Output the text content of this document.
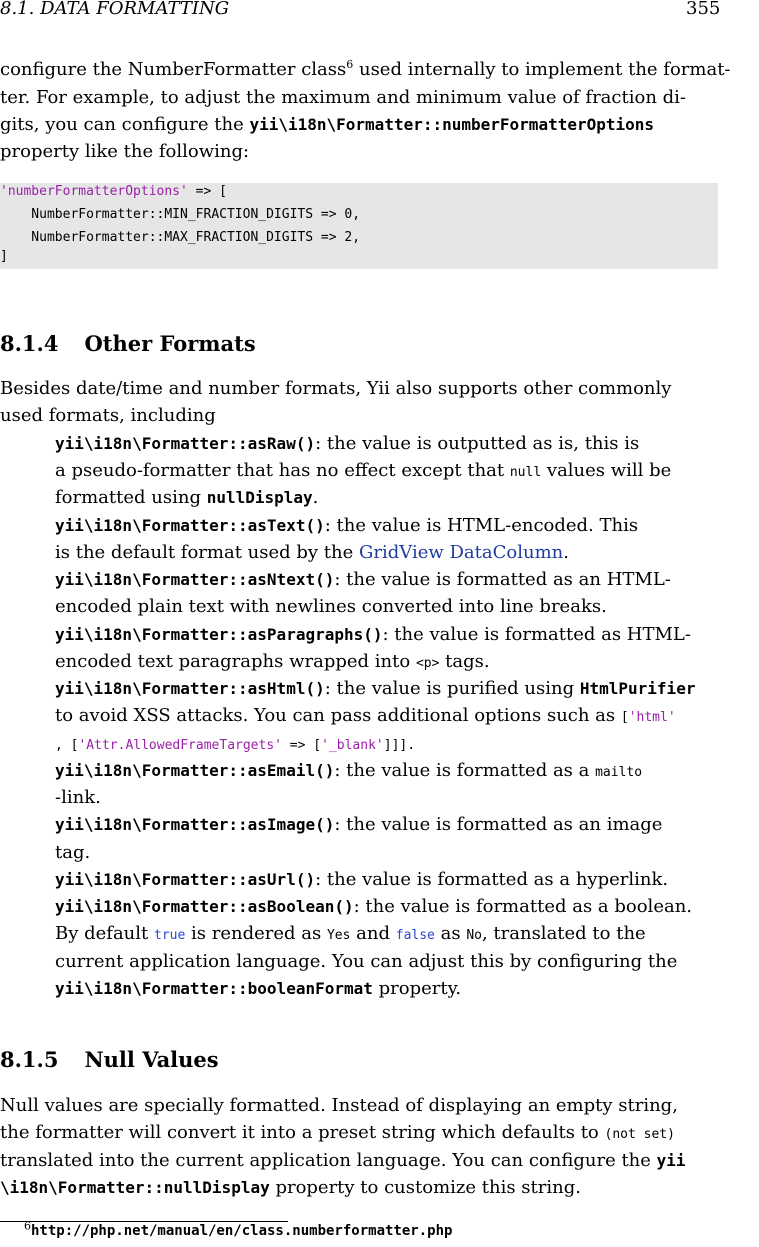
8.1. DATA FORMATTING	355
configure the NumberFormatter class$^6$ used internally to implement the format-
ter. For example, to adjust the maximum and minimum value of fraction di-
gits, you can configure the yii\i18n\Formatter::numberFormatterOptions
property like the following:
'numberFormatterOptions' => [
NumberFormatter::MIN_FRACTION_DIGITS => 0,
NumberFormatter::MAX_FRACTION_DIGITS => 2,
]
8.1.4 Other Formats
Besides date/time and number formats, Yii also supports other commonly
used formats, including
yii\i18n\Formatter::asRaw(): the value is outputted as is, this is
a pseudo-formatter that has no effect except that null values will be
formatted using nullDisplay.
yii\i18n\Formatter::asText(): the value is HTML-encoded. This
is the default format used by the GridView DataColumn.
yii\i18n\Formatter::asNtext(): the value is formatted as an HTML-
encoded plain text with newlines converted into line breaks.
yii\i18n\Formatter::asParagraphs(): the value is formatted as HTML-
encoded text paragraphs wrapped into <p> tags.
yii\i18n\Formatter::asHtml(): the value is purified using HtmlPurifier
to avoid XSS attacks. You can pass additional options such as ['html'
, ['Attr.AllowedFrameTargets' => ['_blank']]].
yii\i18n\Formatter::asEmail(): the value is formatted as a mailto
-link.
yii\i18n\Formatter::asImage(): the value is formatted as an image
tag.
yii\i18n\Formatter::asUrl(): the value is formatted as a hyperlink.
yii\i18n\Formatter::asBoolean(): the value is formatted as a boolean.
By default true is rendered as Yes and false as No, translated to the
current application language. You can adjust this by configuring the
yii\i18n\Formatter::booleanFormat property.
8.1.5 Null Values
Null values are specially formatted. Instead of displaying an empty string,
the formatter will convert it into a preset string which defaults to (not set)
translated into the current application language. You can configure the yii
\i18n\Formatter::nullDisplay property to customize this string.
$^6$http://php.net/manual/en/class.numberformatter.php
